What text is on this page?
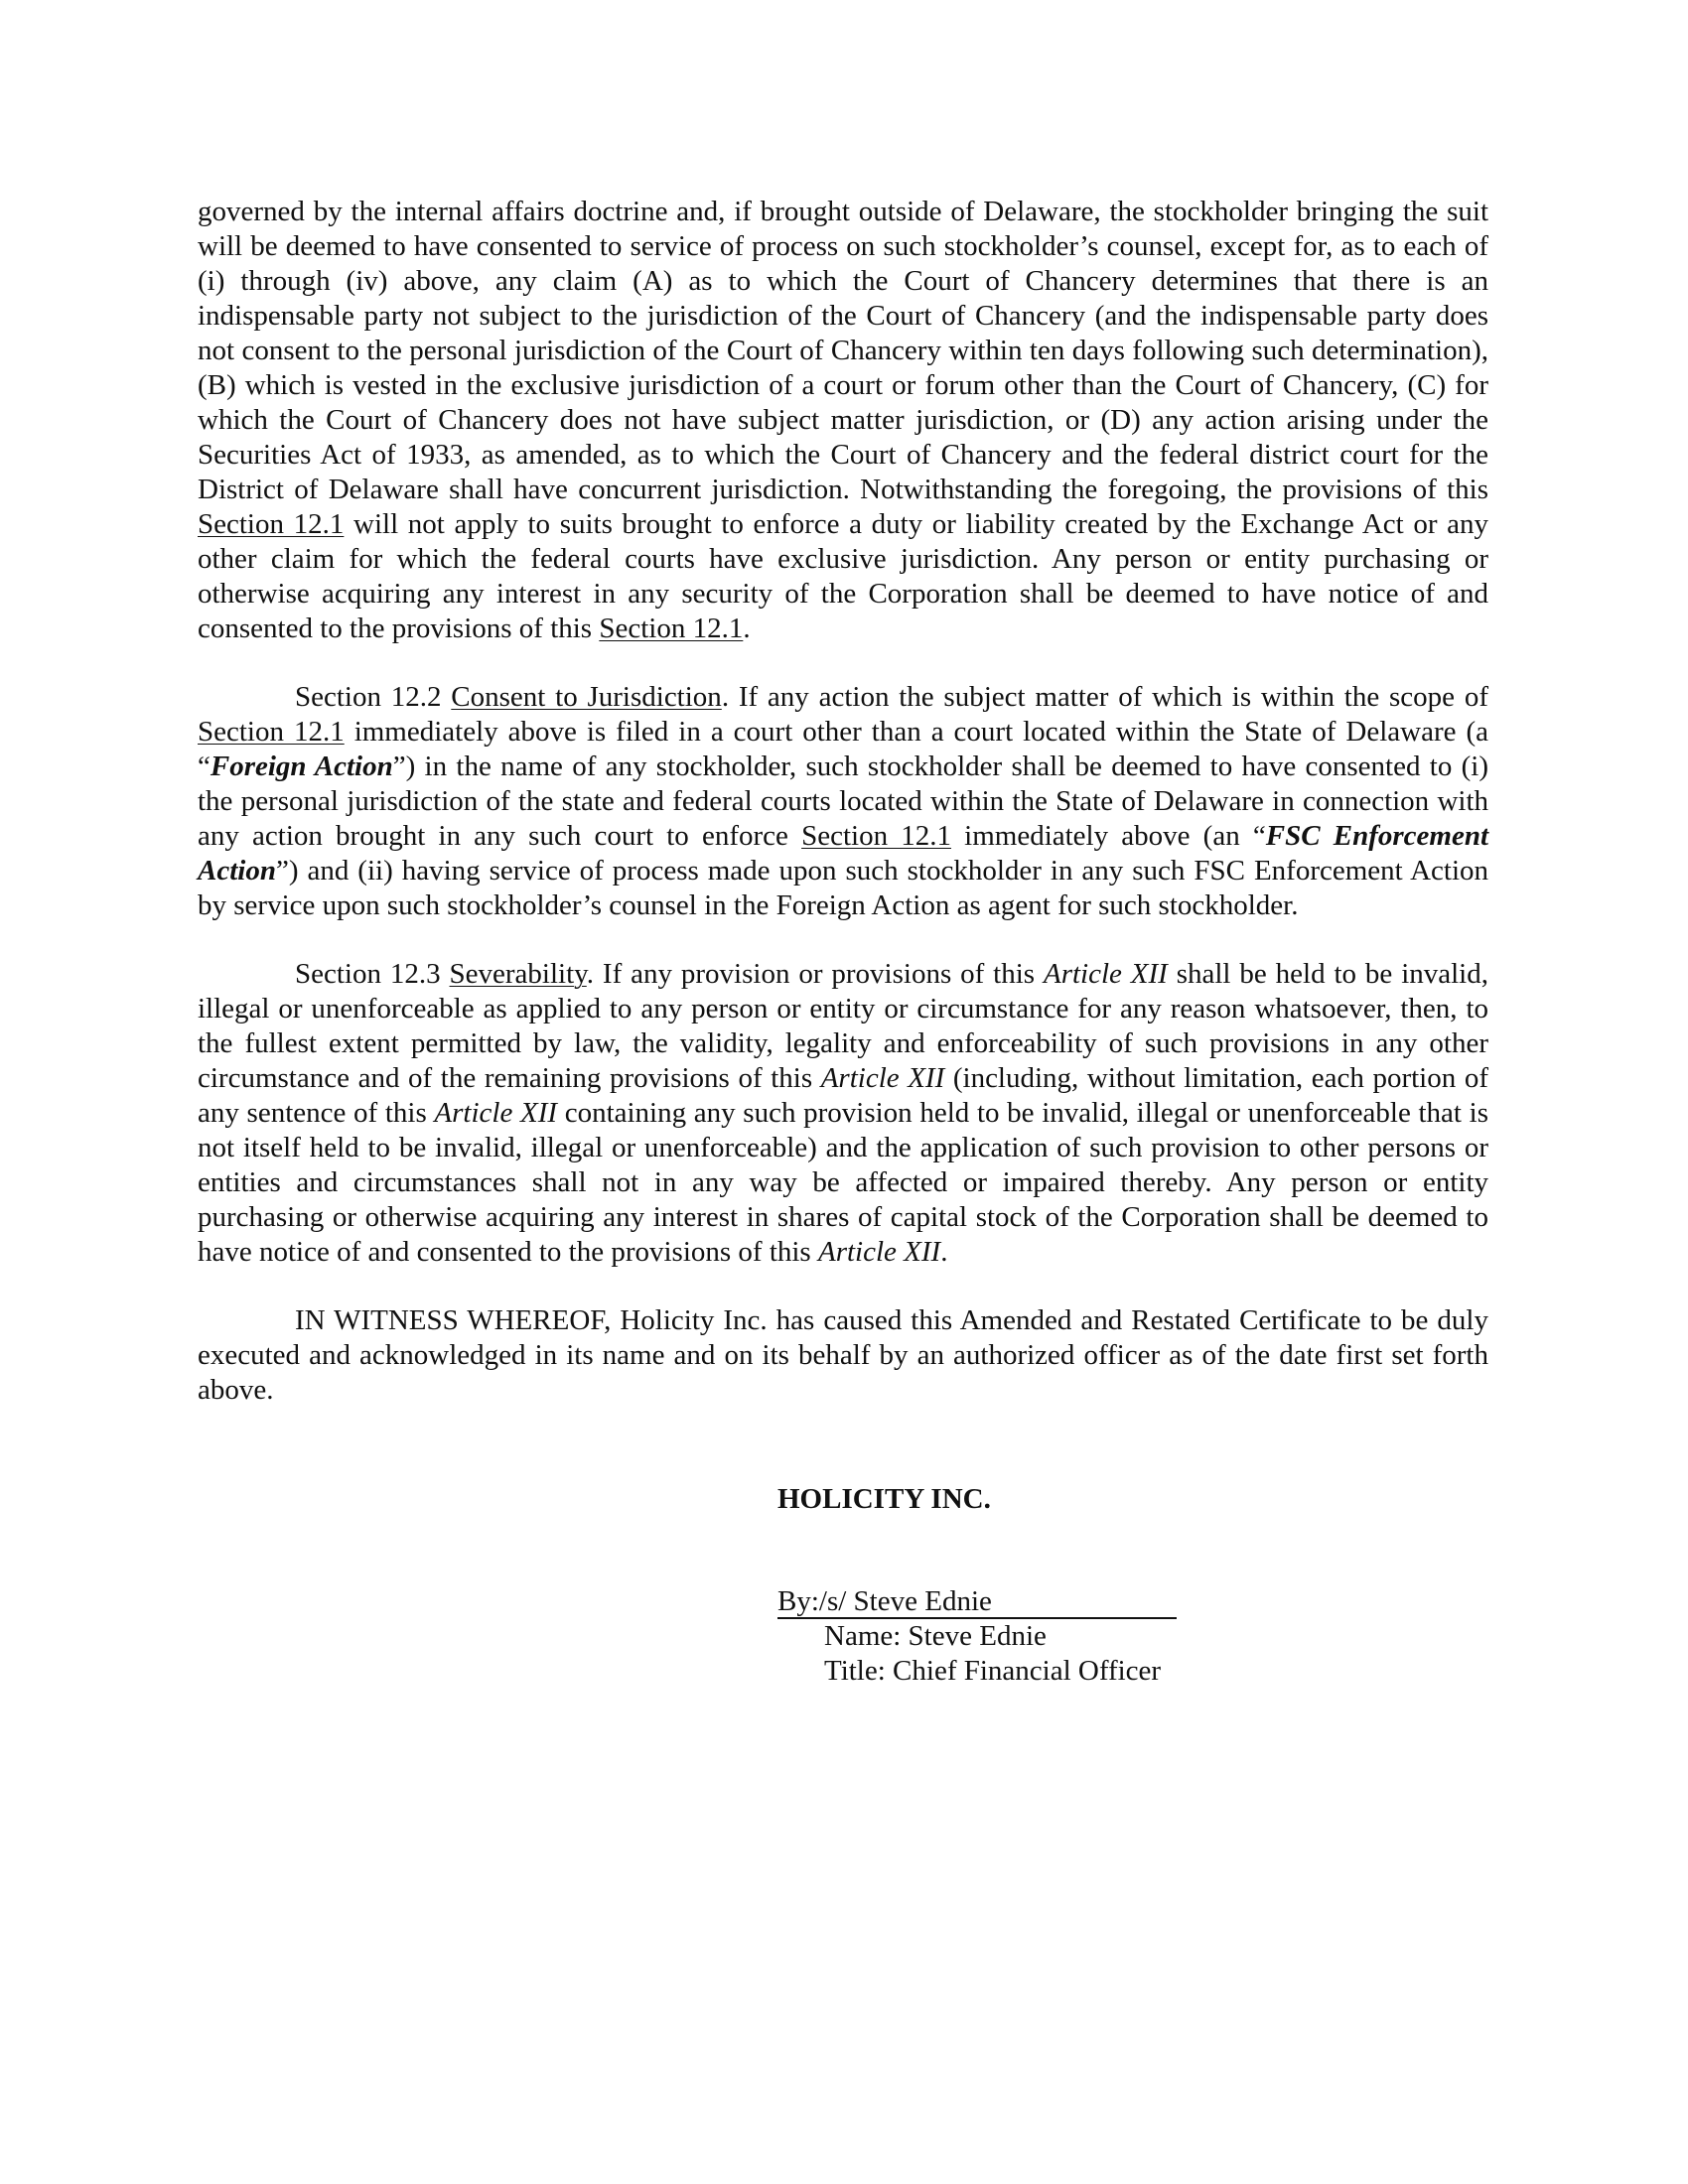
governed by the internal affairs doctrine and, if brought outside of Delaware, the stockholder bringing the suit will be deemed to have consented to service of process on such stockholder’s counsel, except for, as to each of (i) through (iv) above, any claim (A) as to which the Court of Chancery determines that there is an indispensable party not subject to the jurisdiction of the Court of Chancery (and the indispensable party does not consent to the personal jurisdiction of the Court of Chancery within ten days following such determination), (B) which is vested in the exclusive jurisdiction of a court or forum other than the Court of Chancery, (C) for which the Court of Chancery does not have subject matter jurisdiction, or (D) any action arising under the Securities Act of 1933, as amended, as to which the Court of Chancery and the federal district court for the District of Delaware shall have concurrent jurisdiction. Notwithstanding the foregoing, the provisions of this Section 12.1 will not apply to suits brought to enforce a duty or liability created by the Exchange Act or any other claim for which the federal courts have exclusive jurisdiction. Any person or entity purchasing or otherwise acquiring any interest in any security of the Corporation shall be deemed to have notice of and consented to the provisions of this Section 12.1.

Section 12.2 Consent to Jurisdiction. If any action the subject matter of which is within the scope of Section 12.1 immediately above is filed in a court other than a court located within the State of Delaware (a “Foreign Action”) in the name of any stockholder, such stockholder shall be deemed to have consented to (i) the personal jurisdiction of the state and federal courts located within the State of Delaware in connection with any action brought in any such court to enforce Section 12.1 immediately above (an “FSC Enforcement Action”) and (ii) having service of process made upon such stockholder in any such FSC Enforcement Action by service upon such stockholder’s counsel in the Foreign Action as agent for such stockholder.

Section 12.3 Severability. If any provision or provisions of this Article XII shall be held to be invalid, illegal or unenforceable as applied to any person or entity or circumstance for any reason whatsoever, then, to the fullest extent permitted by law, the validity, legality and enforceability of such provisions in any other circumstance and of the remaining provisions of this Article XII (including, without limitation, each portion of any sentence of this Article XII containing any such provision held to be invalid, illegal or unenforceable that is not itself held to be invalid, illegal or unenforceable) and the application of such provision to other persons or entities and circumstances shall not in any way be affected or impaired thereby. Any person or entity purchasing or otherwise acquiring any interest in shares of capital stock of the Corporation shall be deemed to have notice of and consented to the provisions of this Article XII.

IN WITNESS WHEREOF, Holicity Inc. has caused this Amended and Restated Certificate to be duly executed and acknowledged in its name and on its behalf by an authorized officer as of the date first set forth above.

HOLICITY INC.
By:/s/ Steve Ednie
Name: Steve Ednie
Title: Chief Financial Officer
